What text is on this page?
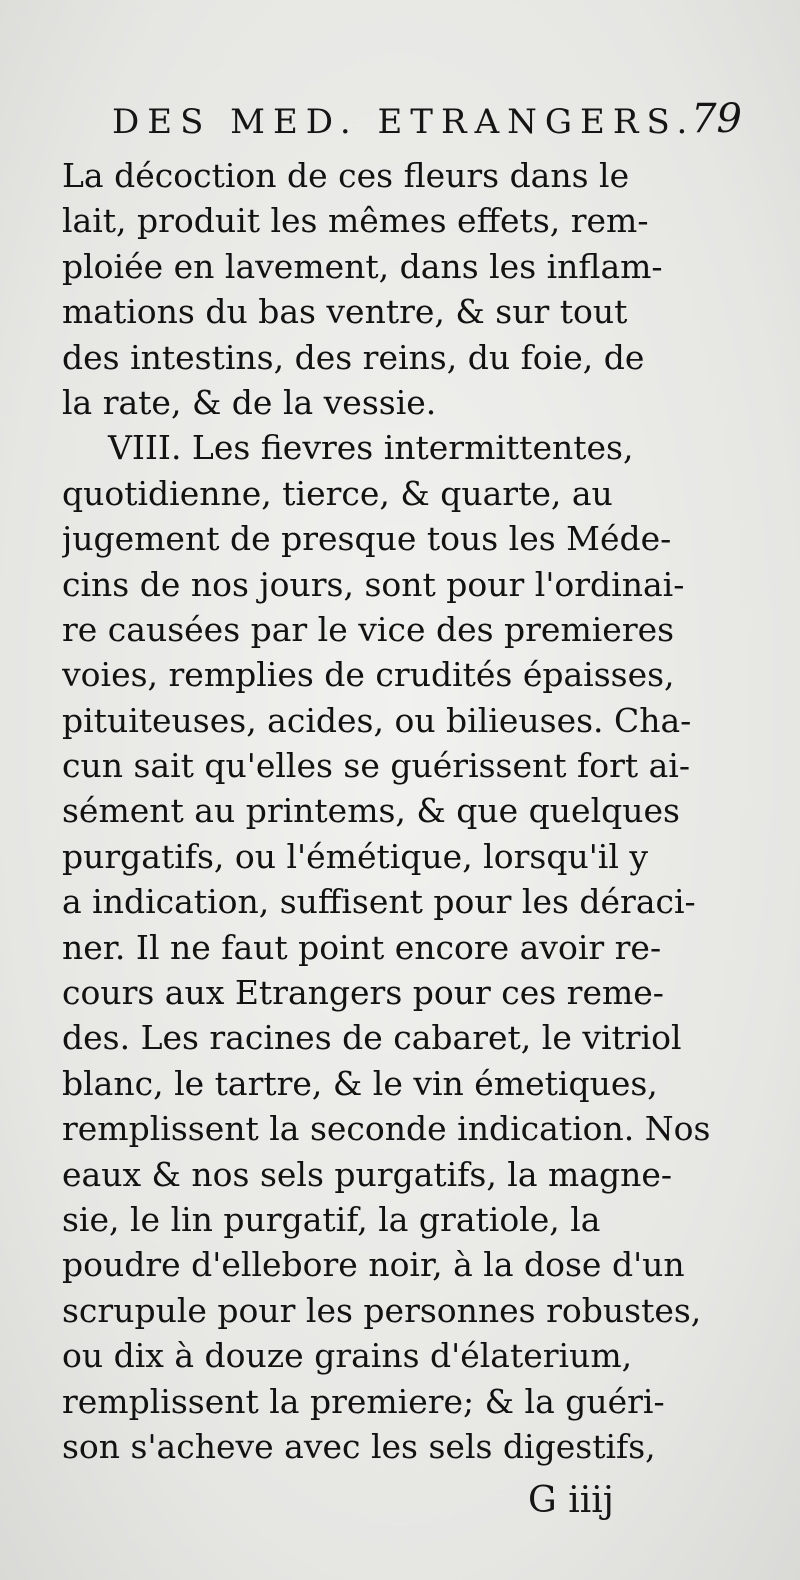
DES MED. ETRANGERS.
79
La décoction de ces fleurs dans le
lait, produit les mêmes effets, rem-
ploiée en lavement, dans les inflam-
mations du bas ventre, & sur tout
des intestins, des reins, du foie, de
la rate, & de la vessie.
VIII. Les fievres intermittentes,
quotidienne, tierce, & quarte, au
jugement de presque tous les Méde-
cins de nos jours, sont pour l'ordinai-
re causées par le vice des premieres
voies, remplies de crudités épaisses,
pituiteuses, acides, ou bilieuses. Cha-
cun sait qu'elles se guérissent fort ai-
sément au printems, & que quelques
purgatifs, ou l'émétique, lorsqu'il y
a indication, suffisent pour les déraci-
ner. Il ne faut point encore avoir re-
cours aux Etrangers pour ces reme-
des. Les racines de cabaret, le vitriol
blanc, le tartre, & le vin émetiques,
remplissent la seconde indication. Nos
eaux & nos sels purgatifs, la magne-
sie, le lin purgatif, la gratiole, la
poudre d'ellebore noir, à la dose d'un
scrupule pour les personnes robustes,
ou dix à douze grains d'élaterium,
remplissent la premiere; & la guéri-
son s'acheve avec les sels digestifs,
G iiij
